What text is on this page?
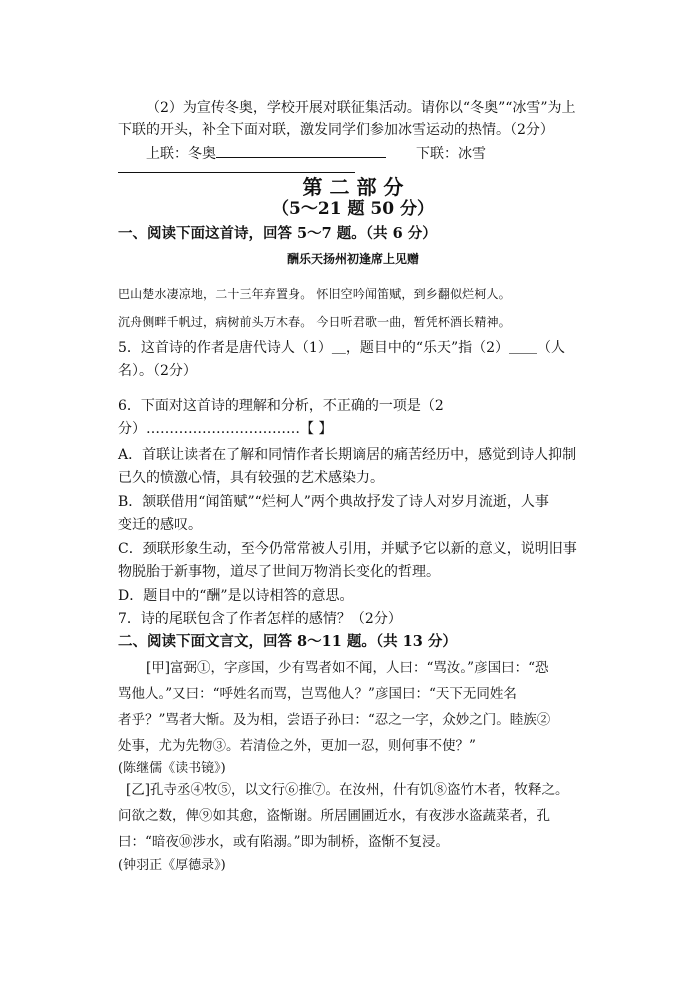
（2）为宣传冬奥，学校开展对联征集活动。请你以“冬奥”“冰雪”为上
下联的开头，补全下面对联，激发同学们参加冰雪运动的热情。（2分）
上联：冬奥	下联：冰雪
第 二 部 分
（5～21 题 50 分）
一、阅读下面这首诗，回答 5～7 题。（共 6 分）
酬乐天扬州初逢席上见赠
巴山楚水凄凉地，二十三年弃置身。 怀旧空吟闻笛赋，到乡翻似烂柯人。
沉舟侧畔千帆过，病树前头万木春。 今日听君歌一曲，暂凭杯酒长精神。
5．这首诗的作者是唐代诗人（1）＿，题目中的“乐天”指（2）＿＿（人
名）。（2分）
6．下面对这首诗的理解和分析，不正确的一项是（2
分）……………………………【 】
A．首联让读者在了解和同情作者长期谪居的痛苦经历中，感觉到诗人抑制
已久的愤激心情，具有较强的艺术感染力。
B．颔联借用“闻笛赋”“烂柯人”两个典故抒发了诗人对岁月流逝，人事
变迁的感叹。
C．颈联形象生动，至今仍常常被人引用，并赋予它以新的意义，说明旧事
物脱胎于新事物，道尽了世间万物消长变化的哲理。
D．题目中的“酬”是以诗相答的意思。
7．诗的尾联包含了作者怎样的感情？（2分）
二、阅读下面文言文，回答 8～11 题。（共 13 分）
[甲]富弼①，字彦国，少有骂者如不闻，人曰：“骂汝。”彦国曰：“恐
骂他人。”又曰：“呼姓名而骂，岂骂他人？”彦国曰：“天下无同姓名
者乎？”骂者大惭。及为相，尝语子孙曰：“忍之一字，众妙之门。睦族②
处事，尤为先物③。若清俭之外，更加一忍，则何事不使？”
(陈继儒《读书镜》)
[乙]孔寺丞④牧⑤，以文行⑥推⑦。在汝州，什有饥⑧盗竹木者，牧释之。
问欲之数，俾⑨如其愈，盗惭谢。所居圃圃近水，有夜涉水盗蔬菜者，孔
曰：“暗夜⑩涉水，或有陷溺。”即为制桥，盗惭不复浸。
(钟羽正《厚德录》)
